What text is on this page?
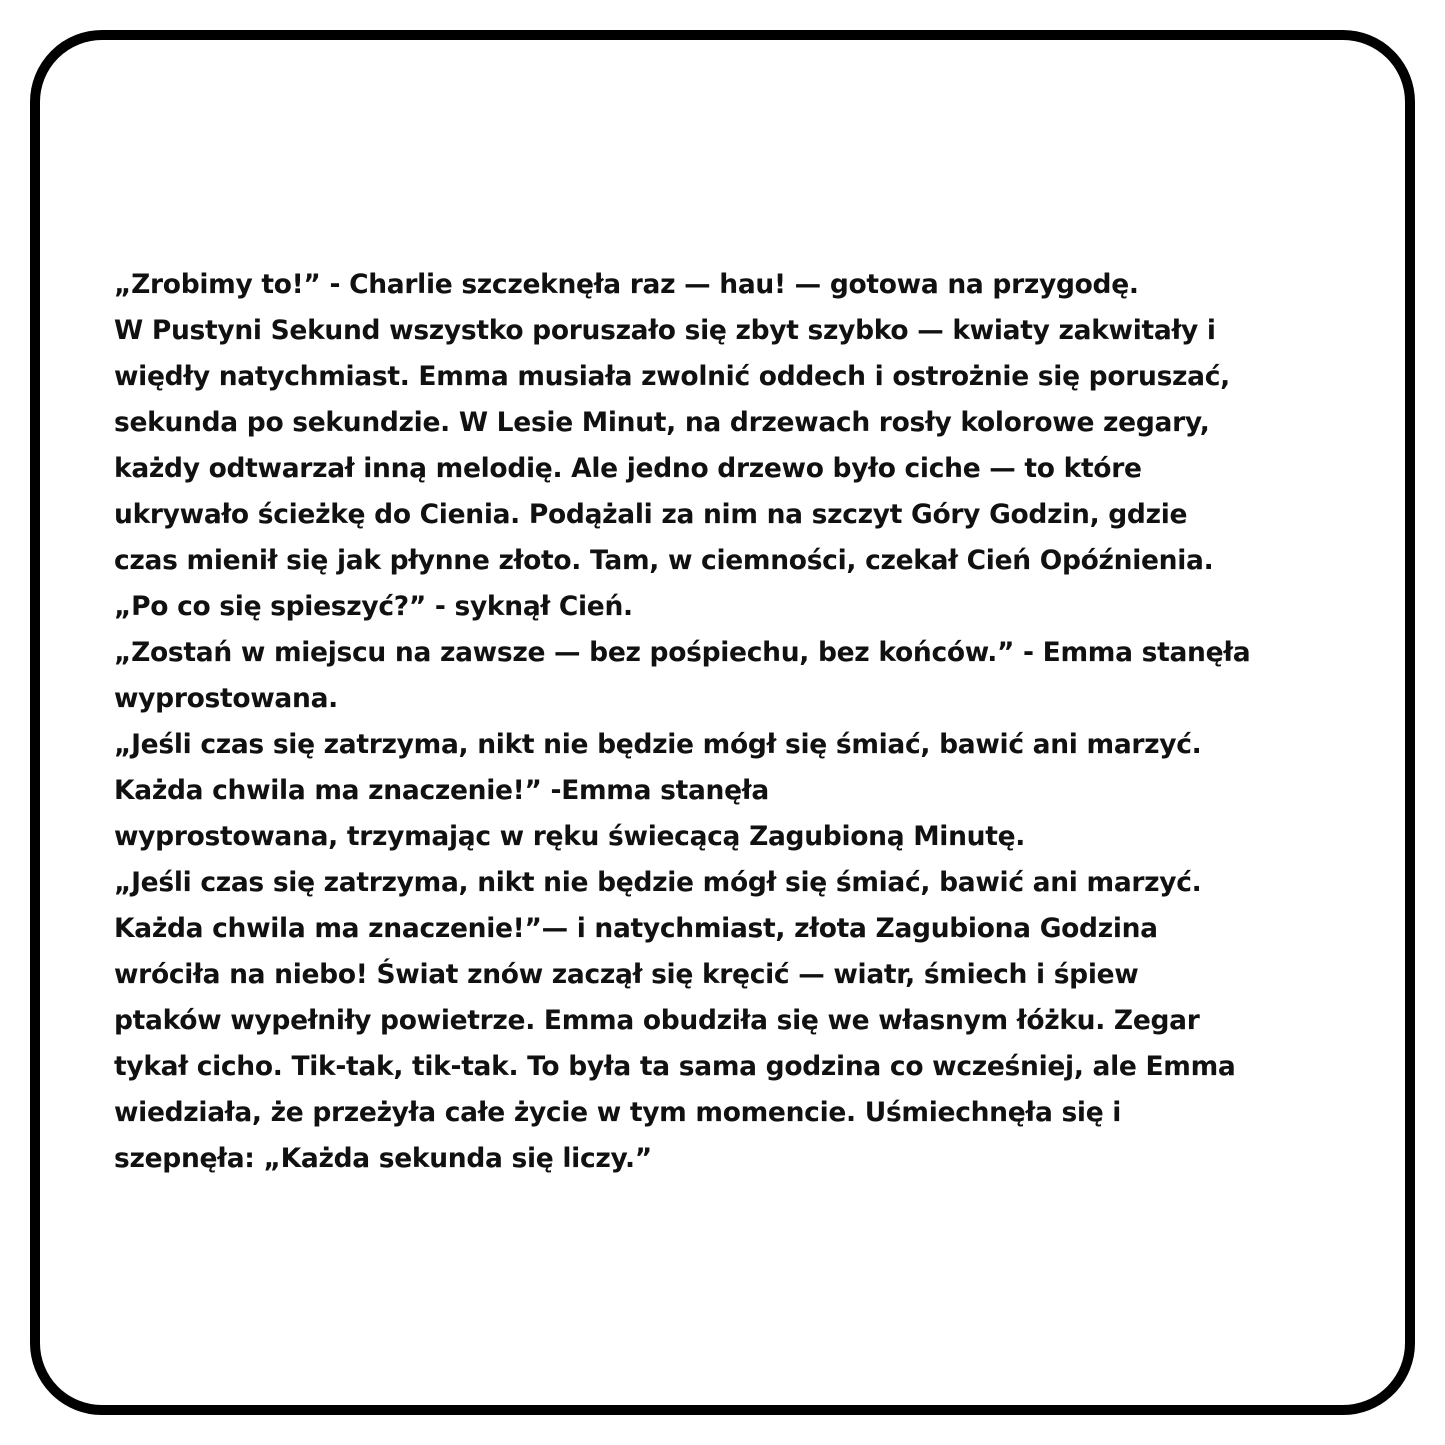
„Zrobimy to!” - Charlie szczeknęła raz — hau! — gotowa na przygodę.
W Pustyni Sekund wszystko poruszało się zbyt szybko — kwiaty zakwitały i
więdły natychmiast. Emma musiała zwolnić oddech i ostrożnie się poruszać,
sekunda po sekundzie. W Lesie Minut, na drzewach rosły kolorowe zegary,
każdy odtwarzał inną melodię. Ale jedno drzewo było ciche — to które
ukrywało ścieżkę do Cienia. Podążali za nim na szczyt Góry Godzin, gdzie
czas mienił się jak płynne złoto. Tam, w ciemności, czekał Cień Opóźnienia.
„Po co się spieszyć?” - syknął Cień.
„Zostań w miejscu na zawsze — bez pośpiechu, bez końców.” - Emma stanęła
wyprostowana.
„Jeśli czas się zatrzyma, nikt nie będzie mógł się śmiać, bawić ani marzyć.
Każda chwila ma znaczenie!” -Emma stanęła
wyprostowana, trzymając w ręku świecącą Zagubioną Minutę.
„Jeśli czas się zatrzyma, nikt nie będzie mógł się śmiać, bawić ani marzyć.
Każda chwila ma znaczenie!”— i natychmiast, złota Zagubiona Godzina
wróciła na niebo! Świat znów zaczął się kręcić — wiatr, śmiech i śpiew
ptaków wypełniły powietrze. Emma obudziła się we własnym łóżku. Zegar
tykał cicho. Tik-tak, tik-tak. To była ta sama godzina co wcześniej, ale Emma
wiedziała, że przeżyła całe życie w tym momencie. Uśmiechnęła się i
szepnęła: „Każda sekunda się liczy.”
